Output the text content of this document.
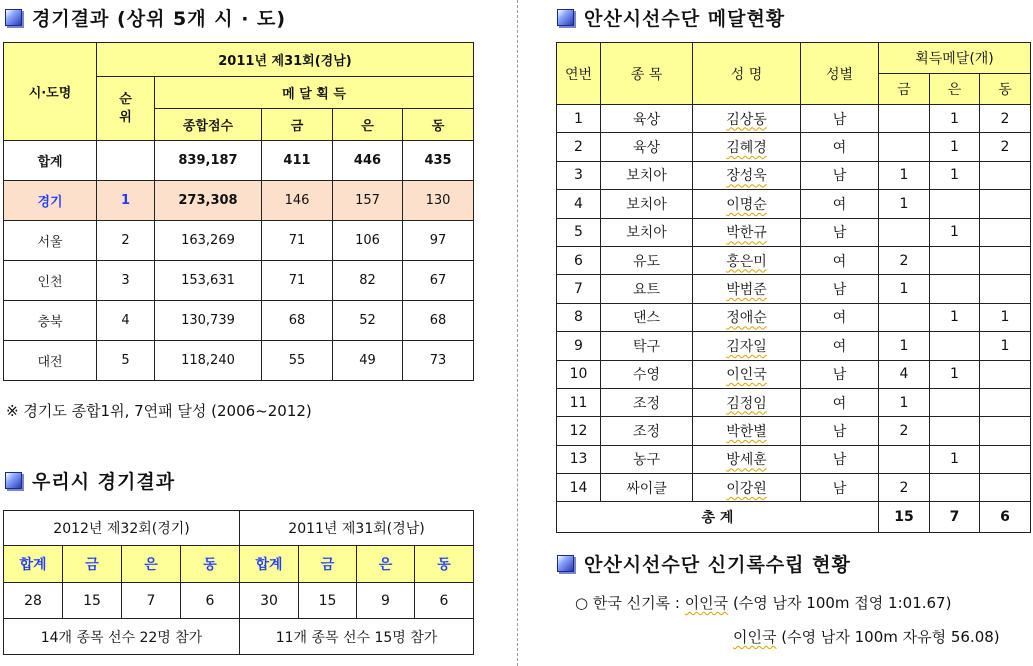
경기결과 (상위 5개 시 · 도)
시·도명	2011년 제31회(경남)				
	순위	메 달 획 득			
		종합점수	금	은	동
합계		839,187	411	446	435
경기	1	273,308	146	157	130
서울	2	163,269	71	106	97
인천	3	153,631	71	82	67
충북	4	130,739	68	52	68
대전	5	118,240	55	49	73
※ 경기도 종합1위, 7연패 달성 (2006~2012)
우리시 경기결과
2012년 제32회(경기)				2011년 제31회(경남)			
합계	금	은	동	합계	금	은	동
28	15	7	6	30	15	9	6
14개 종목 선수 22명 참가				11개 종목 선수 15명 참가			
안산시선수단 메달현황
연번	종 목	성 명	성별	획득메달(개)		
				금	은	동
1	육상	김상동	남		1	2
2	육상	김혜경	여		1	2
3	보치아	장성욱	남	1	1	
4	보치아	이명순	여	1		
5	보치아	박한규	남		1	
6	유도	홍은미	여	2		
7	요트	박범준	남	1		
8	댄스	정애순	여		1	1
9	탁구	김자일	여	1		1
10	수영	이인국	남	4	1	
11	조정	김정임	여	1		
12	조정	박한별	남	2		
13	농구	방세훈	남		1	
14	싸이클	이강원	남	2		
총 계				15	7	6
안산시선수단 신기록수립 현황
○ 한국 신기록 : 이인국 (수영 남자 100m 접영 1:01.67)
이인국 (수영 남자 100m 자유형 56.08)
